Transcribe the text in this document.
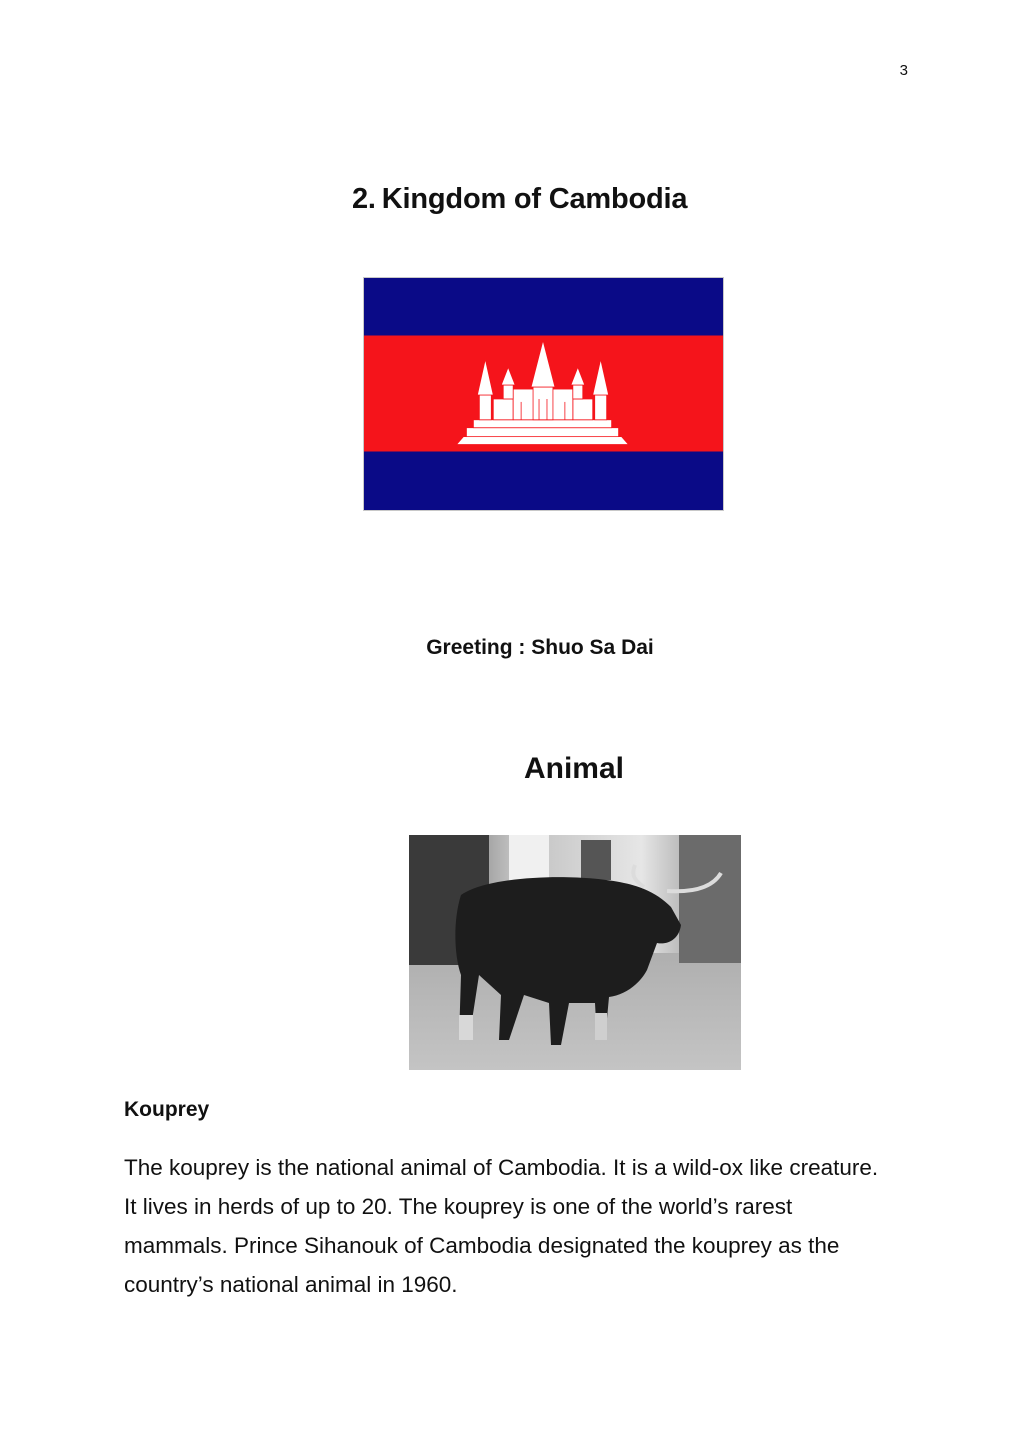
3
2. Kingdom of Cambodia
Greeting : Shuo Sa Dai
Animal
Kouprey

The kouprey is the national animal of Cambodia. It is a wild-ox like creature. It lives in herds of up to 20. The kouprey is one of the world’s rarest mammals. Prince Sihanouk of Cambodia designated the kouprey as the country’s national animal in 1960.
